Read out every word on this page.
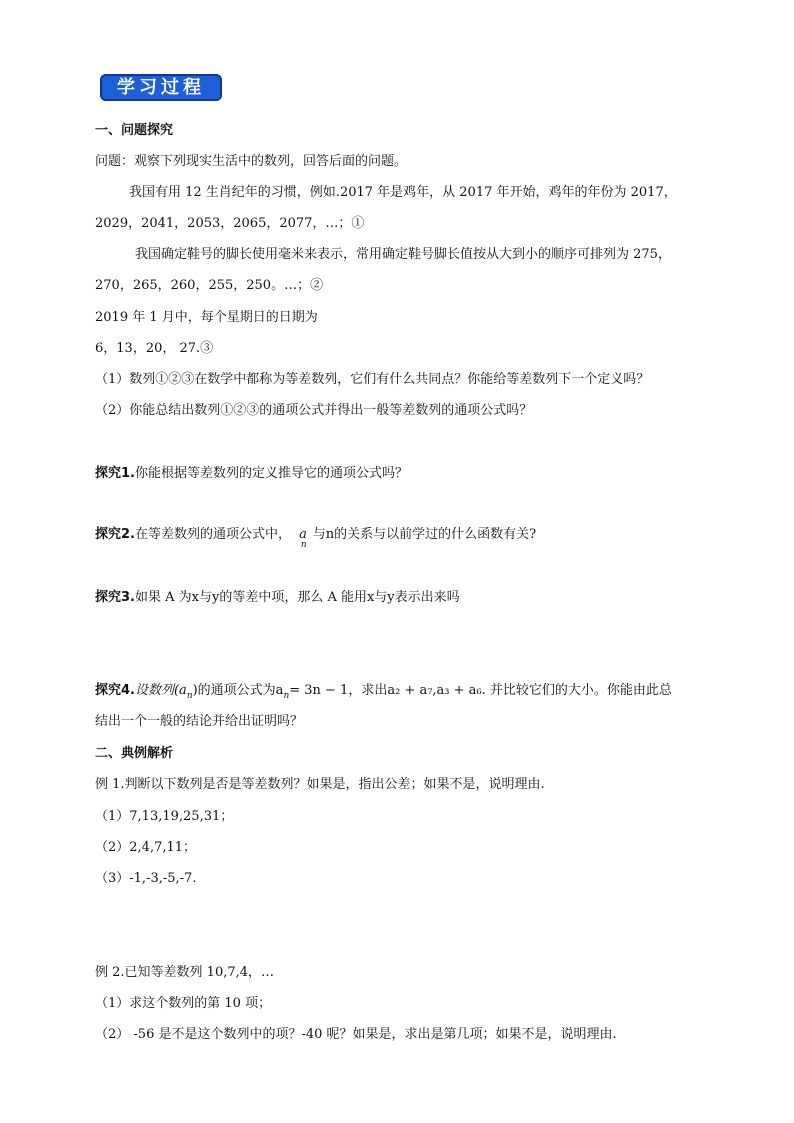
学习过程
一、问题探究
问题：观察下列现实生活中的数列，回答后面的问题。
我国有用 12 生肖纪年的习惯，例如.2017 年是鸡年，从 2017 年开始，鸡年的年份为 2017，
2029，2041，2053，2065，2077，…；①
我国确定鞋号的脚长使用毫米来表示，常用确定鞋号脚长值按从大到小的顺序可排列为 275，
270，265，260，255，250。…；②
2019 年 1 月中，每个星期日的日期为
6，13，20， 27.③
（1）数列①②③在数学中都称为等差数列，它们有什么共同点？你能给等差数列下一个定义吗？
（2）你能总结出数列①②③的通项公式并得出一般等差数列的通项公式吗？
探究1.你能根据等差数列的定义推导它的通项公式吗？
探究2.在等差数列的通项公式中， $a_n$与n的关系与以前学过的什么函数有关?
探究3.如果 A 为x与y的等差中项，那么 A 能用x与y表示出来吗
探究4.设数列$(a_n)$的通项公式为$a_n= 3n - 1$，求出a₂ + a₇,a₃ + a₆. 并比较它们的大小。你能由此总
结出一个一般的结论并给出证明吗？
二、典例解析
例 1.判断以下数列是否是等差数列？如果是，指出公差；如果不是，说明理由.
（1）7,13,19,25,31；
（2）2,4,7,11；
（3）-1,-3,-5,-7.
例 2.已知等差数列 10,7,4，…
（1）求这个数列的第 10 项；
（2） -56 是不是这个数列中的项？-40 呢？如果是，求出是第几项；如果不是，说明理由.
